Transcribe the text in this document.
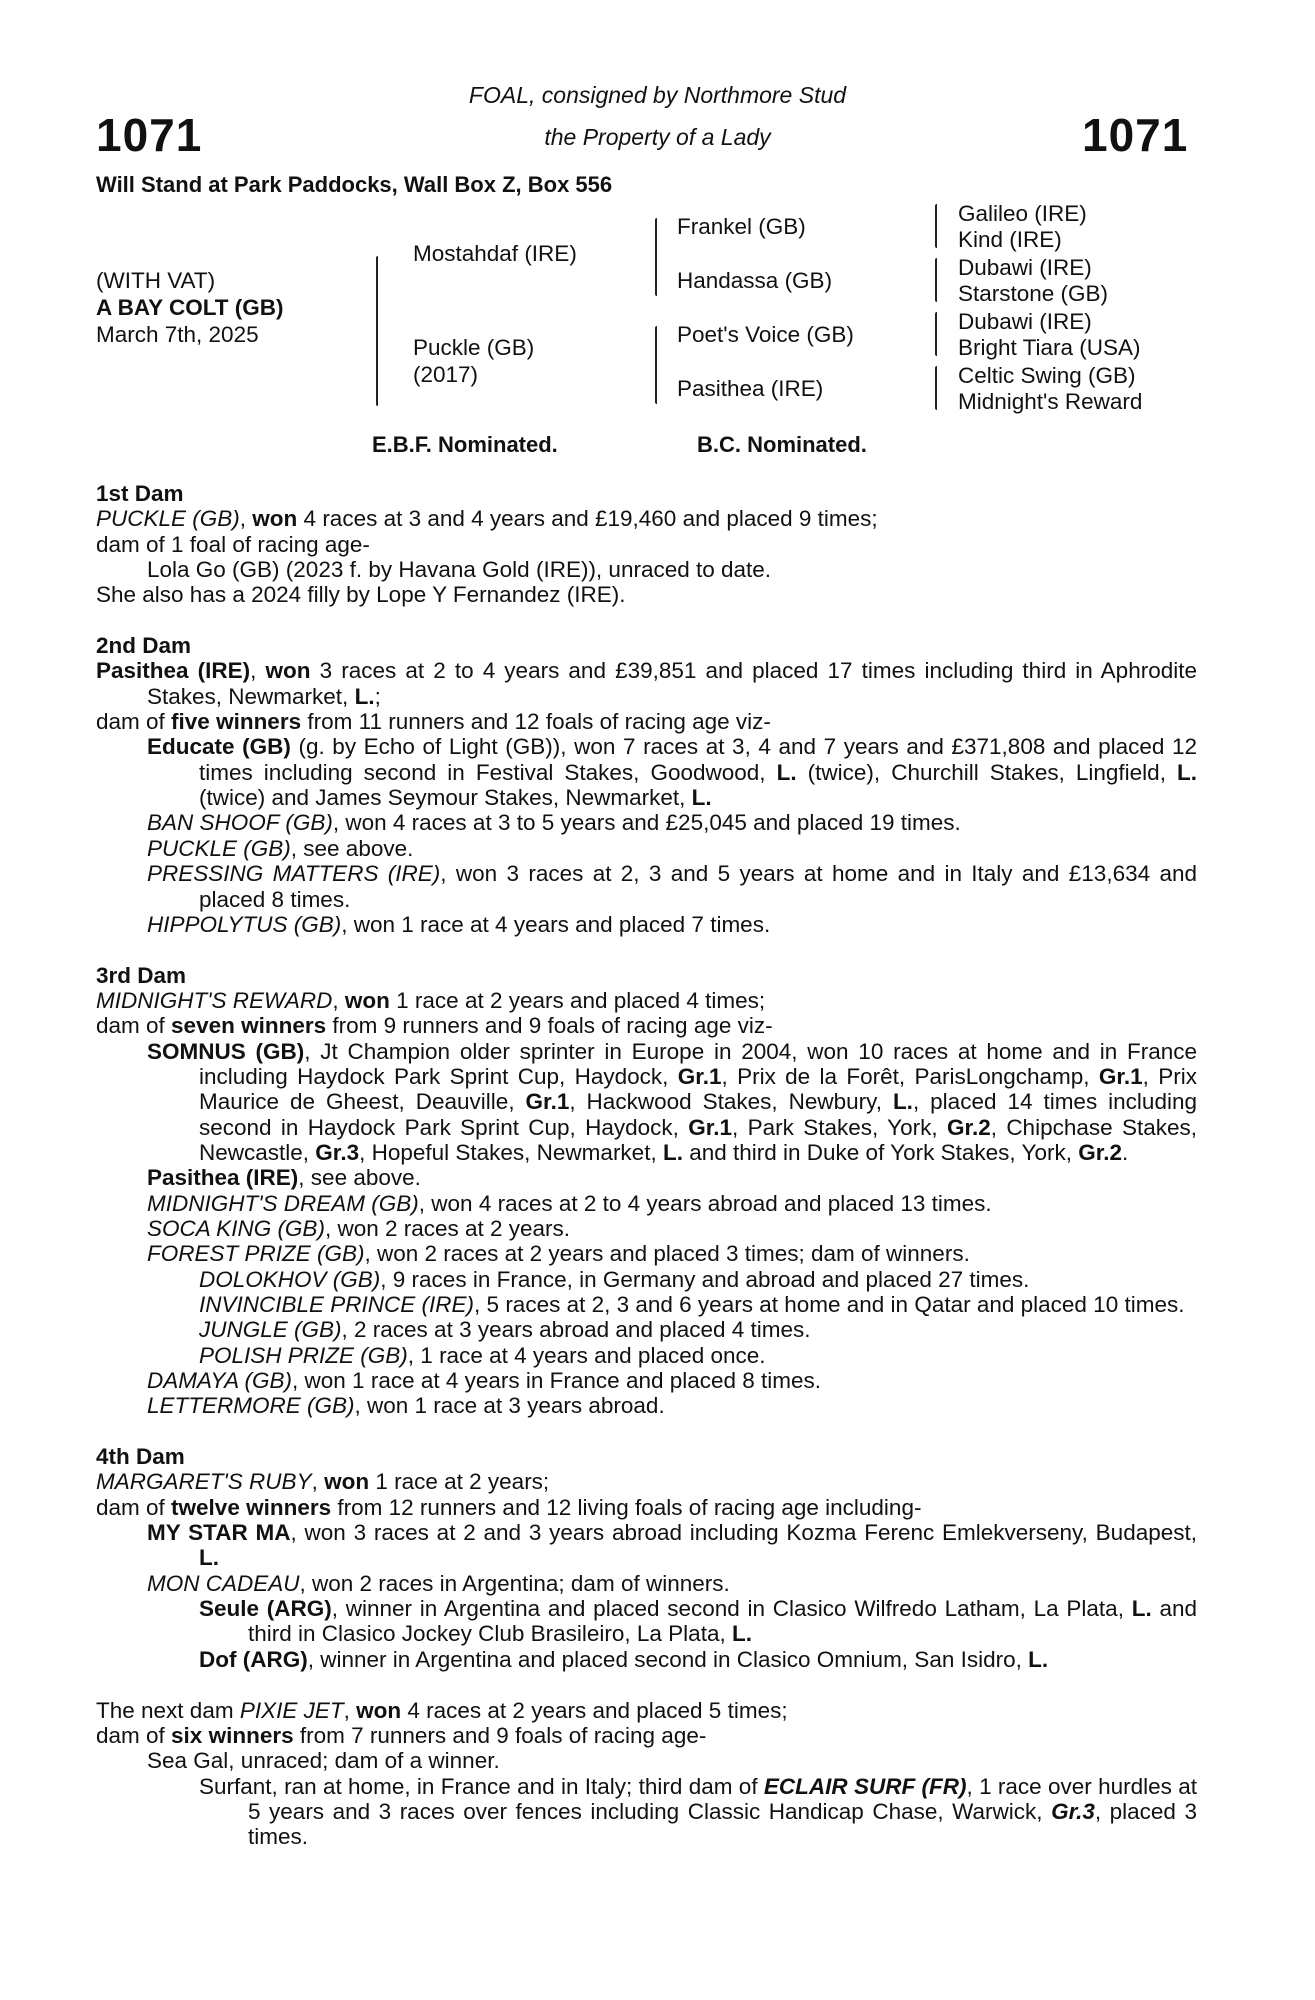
1071	1071
FOAL, consigned by Northmore Stud
the Property of a Lady
Will Stand at Park Paddocks, Wall Box Z, Box 556
(WITH VAT)
A BAY COLT (GB)
March 7th, 2025
Mostahdaf (IRE)
Puckle (GB)
(2017)
Frankel (GB)
Handassa (GB)
Poet's Voice (GB)
Pasithea (IRE)
Galileo (IRE)
Kind (IRE)
Dubawi (IRE)
Starstone (GB)
Dubawi (IRE)
Bright Tiara (USA)
Celtic Swing (GB)
Midnight's Reward
E.B.F. Nominated.	B.C. Nominated.
1st Dam
PUCKLE (GB), won 4 races at 3 and 4 years and £19,460 and placed 9 times;
dam of 1 foal of racing age-
Lola Go (GB) (2023 f. by Havana Gold (IRE)), unraced to date.
She also has a 2024 filly by Lope Y Fernandez (IRE).
2nd Dam
Pasithea (IRE), won 3 races at 2 to 4 years and £39,851 and placed 17 times including third in Aphrodite Stakes, Newmarket, L.;
dam of five winners from 11 runners and 12 foals of racing age viz-
Educate (GB) (g. by Echo of Light (GB)), won 7 races at 3, 4 and 7 years and £371,808 and placed 12 times including second in Festival Stakes, Goodwood, L. (twice), Churchill Stakes, Lingfield, L. (twice) and James Seymour Stakes, Newmarket, L.
BAN SHOOF (GB), won 4 races at 3 to 5 years and £25,045 and placed 19 times.
PUCKLE (GB), see above.
PRESSING MATTERS (IRE), won 3 races at 2, 3 and 5 years at home and in Italy and £13,634 and placed 8 times.
HIPPOLYTUS (GB), won 1 race at 4 years and placed 7 times.
3rd Dam
MIDNIGHT'S REWARD, won 1 race at 2 years and placed 4 times;
dam of seven winners from 9 runners and 9 foals of racing age viz-
SOMNUS (GB), Jt Champion older sprinter in Europe in 2004, won 10 races at home and in France including Haydock Park Sprint Cup, Haydock, Gr.1, Prix de la Forêt, ParisLongchamp, Gr.1, Prix Maurice de Gheest, Deauville, Gr.1, Hackwood Stakes, Newbury, L., placed 14 times including second in Haydock Park Sprint Cup, Haydock, Gr.1, Park Stakes, York, Gr.2, Chipchase Stakes, Newcastle, Gr.3, Hopeful Stakes, Newmarket, L. and third in Duke of York Stakes, York, Gr.2.
Pasithea (IRE), see above.
MIDNIGHT'S DREAM (GB), won 4 races at 2 to 4 years abroad and placed 13 times.
SOCA KING (GB), won 2 races at 2 years.
FOREST PRIZE (GB), won 2 races at 2 years and placed 3 times; dam of winners.
DOLOKHOV (GB), 9 races in France, in Germany and abroad and placed 27 times.
INVINCIBLE PRINCE (IRE), 5 races at 2, 3 and 6 years at home and in Qatar and placed 10 times.
JUNGLE (GB), 2 races at 3 years abroad and placed 4 times.
POLISH PRIZE (GB), 1 race at 4 years and placed once.
DAMAYA (GB), won 1 race at 4 years in France and placed 8 times.
LETTERMORE (GB), won 1 race at 3 years abroad.
4th Dam
MARGARET'S RUBY, won 1 race at 2 years;
dam of twelve winners from 12 runners and 12 living foals of racing age including-
MY STAR MA, won 3 races at 2 and 3 years abroad including Kozma Ferenc Emlekverseny, Budapest, L.
MON CADEAU, won 2 races in Argentina; dam of winners.
Seule (ARG), winner in Argentina and placed second in Clasico Wilfredo Latham, La Plata, L. and third in Clasico Jockey Club Brasileiro, La Plata, L.
Dof (ARG), winner in Argentina and placed second in Clasico Omnium, San Isidro, L.
The next dam PIXIE JET, won 4 races at 2 years and placed 5 times;
dam of six winners from 7 runners and 9 foals of racing age-
Sea Gal, unraced; dam of a winner.
Surfant, ran at home, in France and in Italy; third dam of ECLAIR SURF (FR), 1 race over hurdles at 5 years and 3 races over fences including Classic Handicap Chase, Warwick, Gr.3, placed 3 times.
